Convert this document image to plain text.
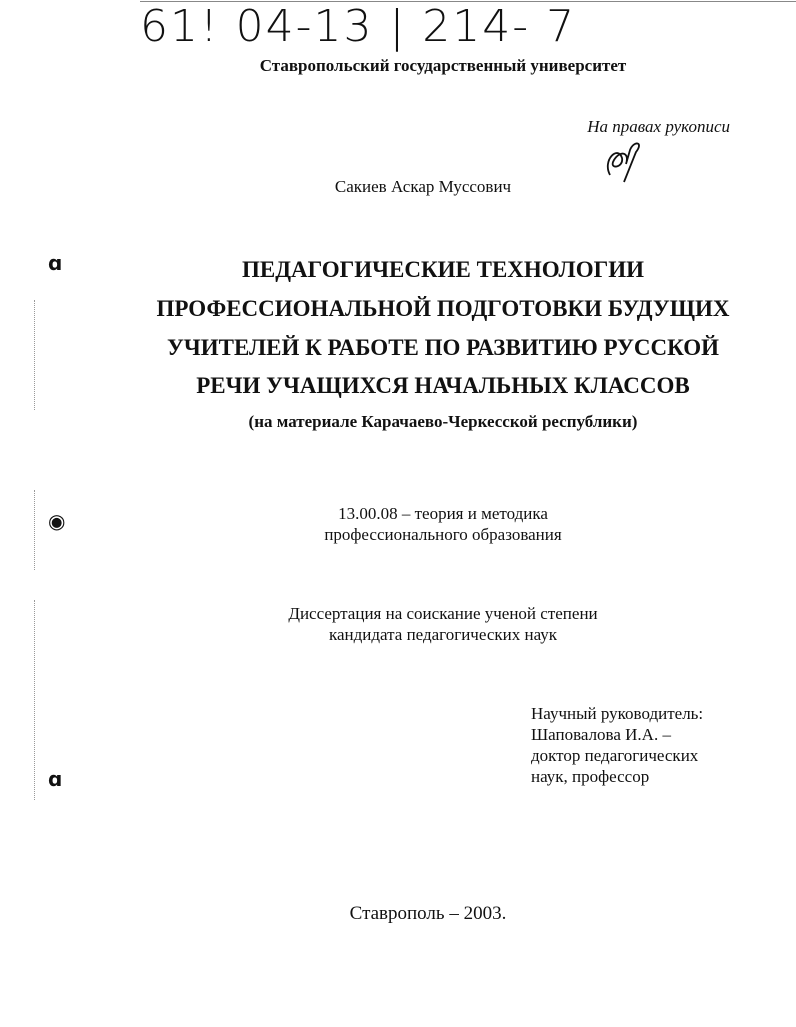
61! 04-13 | 214- 7
Ставропольский государственный университет
На правах рукописи
Сакиев Аскар Муссович
ПЕДАГОГИЧЕСКИЕ ТЕХНОЛОГИИ
ПРОФЕССИОНАЛЬНОЙ ПОДГОТОВКИ БУДУЩИХ
УЧИТЕЛЕЙ К РАБОТЕ ПО РАЗВИТИЮ РУССКОЙ
РЕЧИ УЧАЩИХСЯ НАЧАЛЬНЫХ КЛАССОВ
(на материале Карачаево-Черкесской республики)
13.00.08 – теория и методика
профессионального образования
Диссертация на соискание ученой степени
кандидата педагогических наук
Научный руководитель:
Шаповалова И.А. –
доктор педагогических
наук, профессор
Ставрополь – 2003.
ɑ
◉
ɑ
